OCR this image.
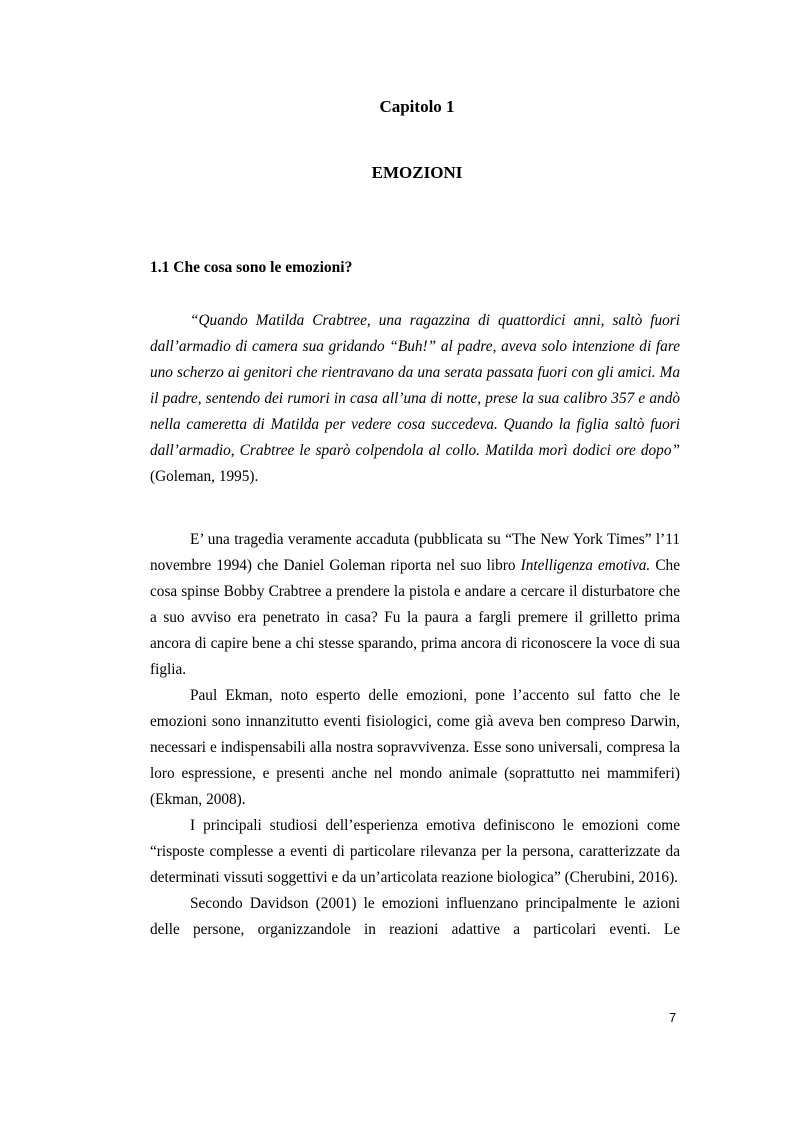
Capitolo 1
EMOZIONI
1.1 Che cosa sono le emozioni?

“Quando Matilda Crabtree, una ragazzina di quattordici anni, saltò fuori dall’armadio di camera sua gridando “Buh!” al padre, aveva solo intenzione di fare uno scherzo ai genitori che rientravano da una serata passata fuori con gli amici. Ma il padre, sentendo dei rumori in casa all’una di notte, prese la sua calibro 357 e andò nella cameretta di Matilda per vedere cosa succedeva. Quando la figlia saltò fuori dall’armadio, Crabtree le sparò colpendola al collo. Matilda morì dodici ore dopo” (Goleman, 1995).

E’ una tragedia veramente accaduta (pubblicata su “The New York Times” l’11 novembre 1994) che Daniel Goleman riporta nel suo libro Intelligenza emotiva. Che cosa spinse Bobby Crabtree a prendere la pistola e andare a cercare il disturbatore che a suo avviso era penetrato in casa? Fu la paura a fargli premere il grilletto prima ancora di capire bene a chi stesse sparando, prima ancora di riconoscere la voce di sua figlia.

Paul Ekman, noto esperto delle emozioni, pone l’accento sul fatto che le emozioni sono innanzitutto eventi fisiologici, come già aveva ben compreso Darwin, necessari e indispensabili alla nostra sopravvivenza. Esse sono universali, compresa la loro espressione, e presenti anche nel mondo animale (soprattutto nei mammiferi) (Ekman, 2008).

I principali studiosi dell’esperienza emotiva definiscono le emozioni come “risposte complesse a eventi di particolare rilevanza per la persona, caratterizzate da determinati vissuti soggettivi e da un’articolata reazione biologica” (Cherubini, 2016).

Secondo Davidson (2001) le emozioni influenzano principalmente le azioni delle persone, organizzandole in reazioni adattive a particolari eventi. Le

7
